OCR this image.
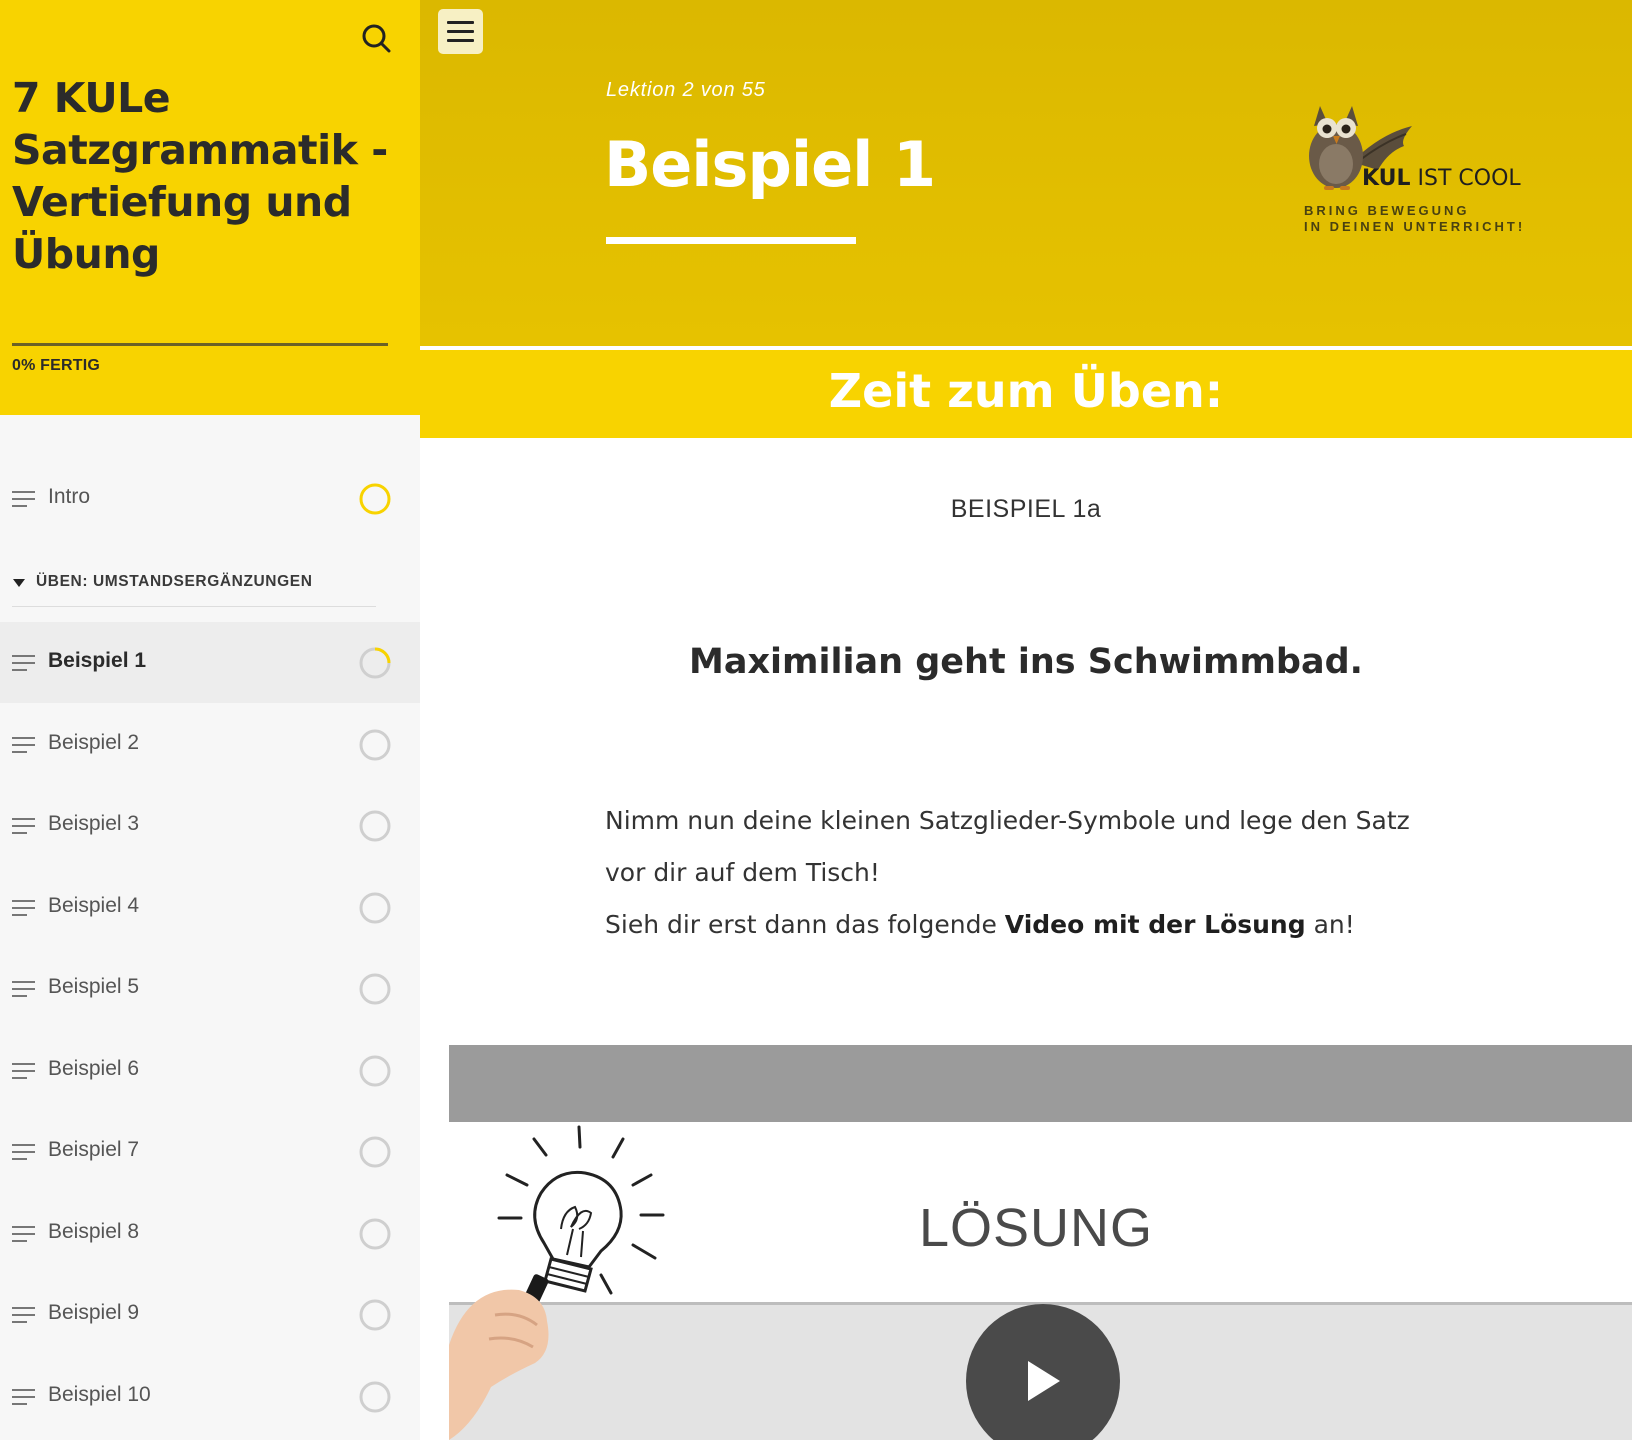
7 KULe Satzgrammatik - Vertiefung und Übung
0% FERTIG
Intro
ÜBEN: UMSTANDSERGÄNZUNGEN
Beispiel 1
Beispiel 2
Beispiel 3
Beispiel 4
Beispiel 5
Beispiel 6
Beispiel 7
Beispiel 8
Beispiel 9
Beispiel 10
Lektion 2 von 55
Beispiel 1	KUL IST COOL
BRING BEWEGUNG
IN DEINEN UNTERRICHT!
Zeit zum Üben:
BEISPIEL 1a
Maximilian geht ins Schwimmbad.
Nimm nun deine kleinen Satzglieder-Symbole und lege den Satz
vor dir auf dem Tisch!
Sieh dir erst dann das folgende Video mit der Lösung an!
LÖSUNG
